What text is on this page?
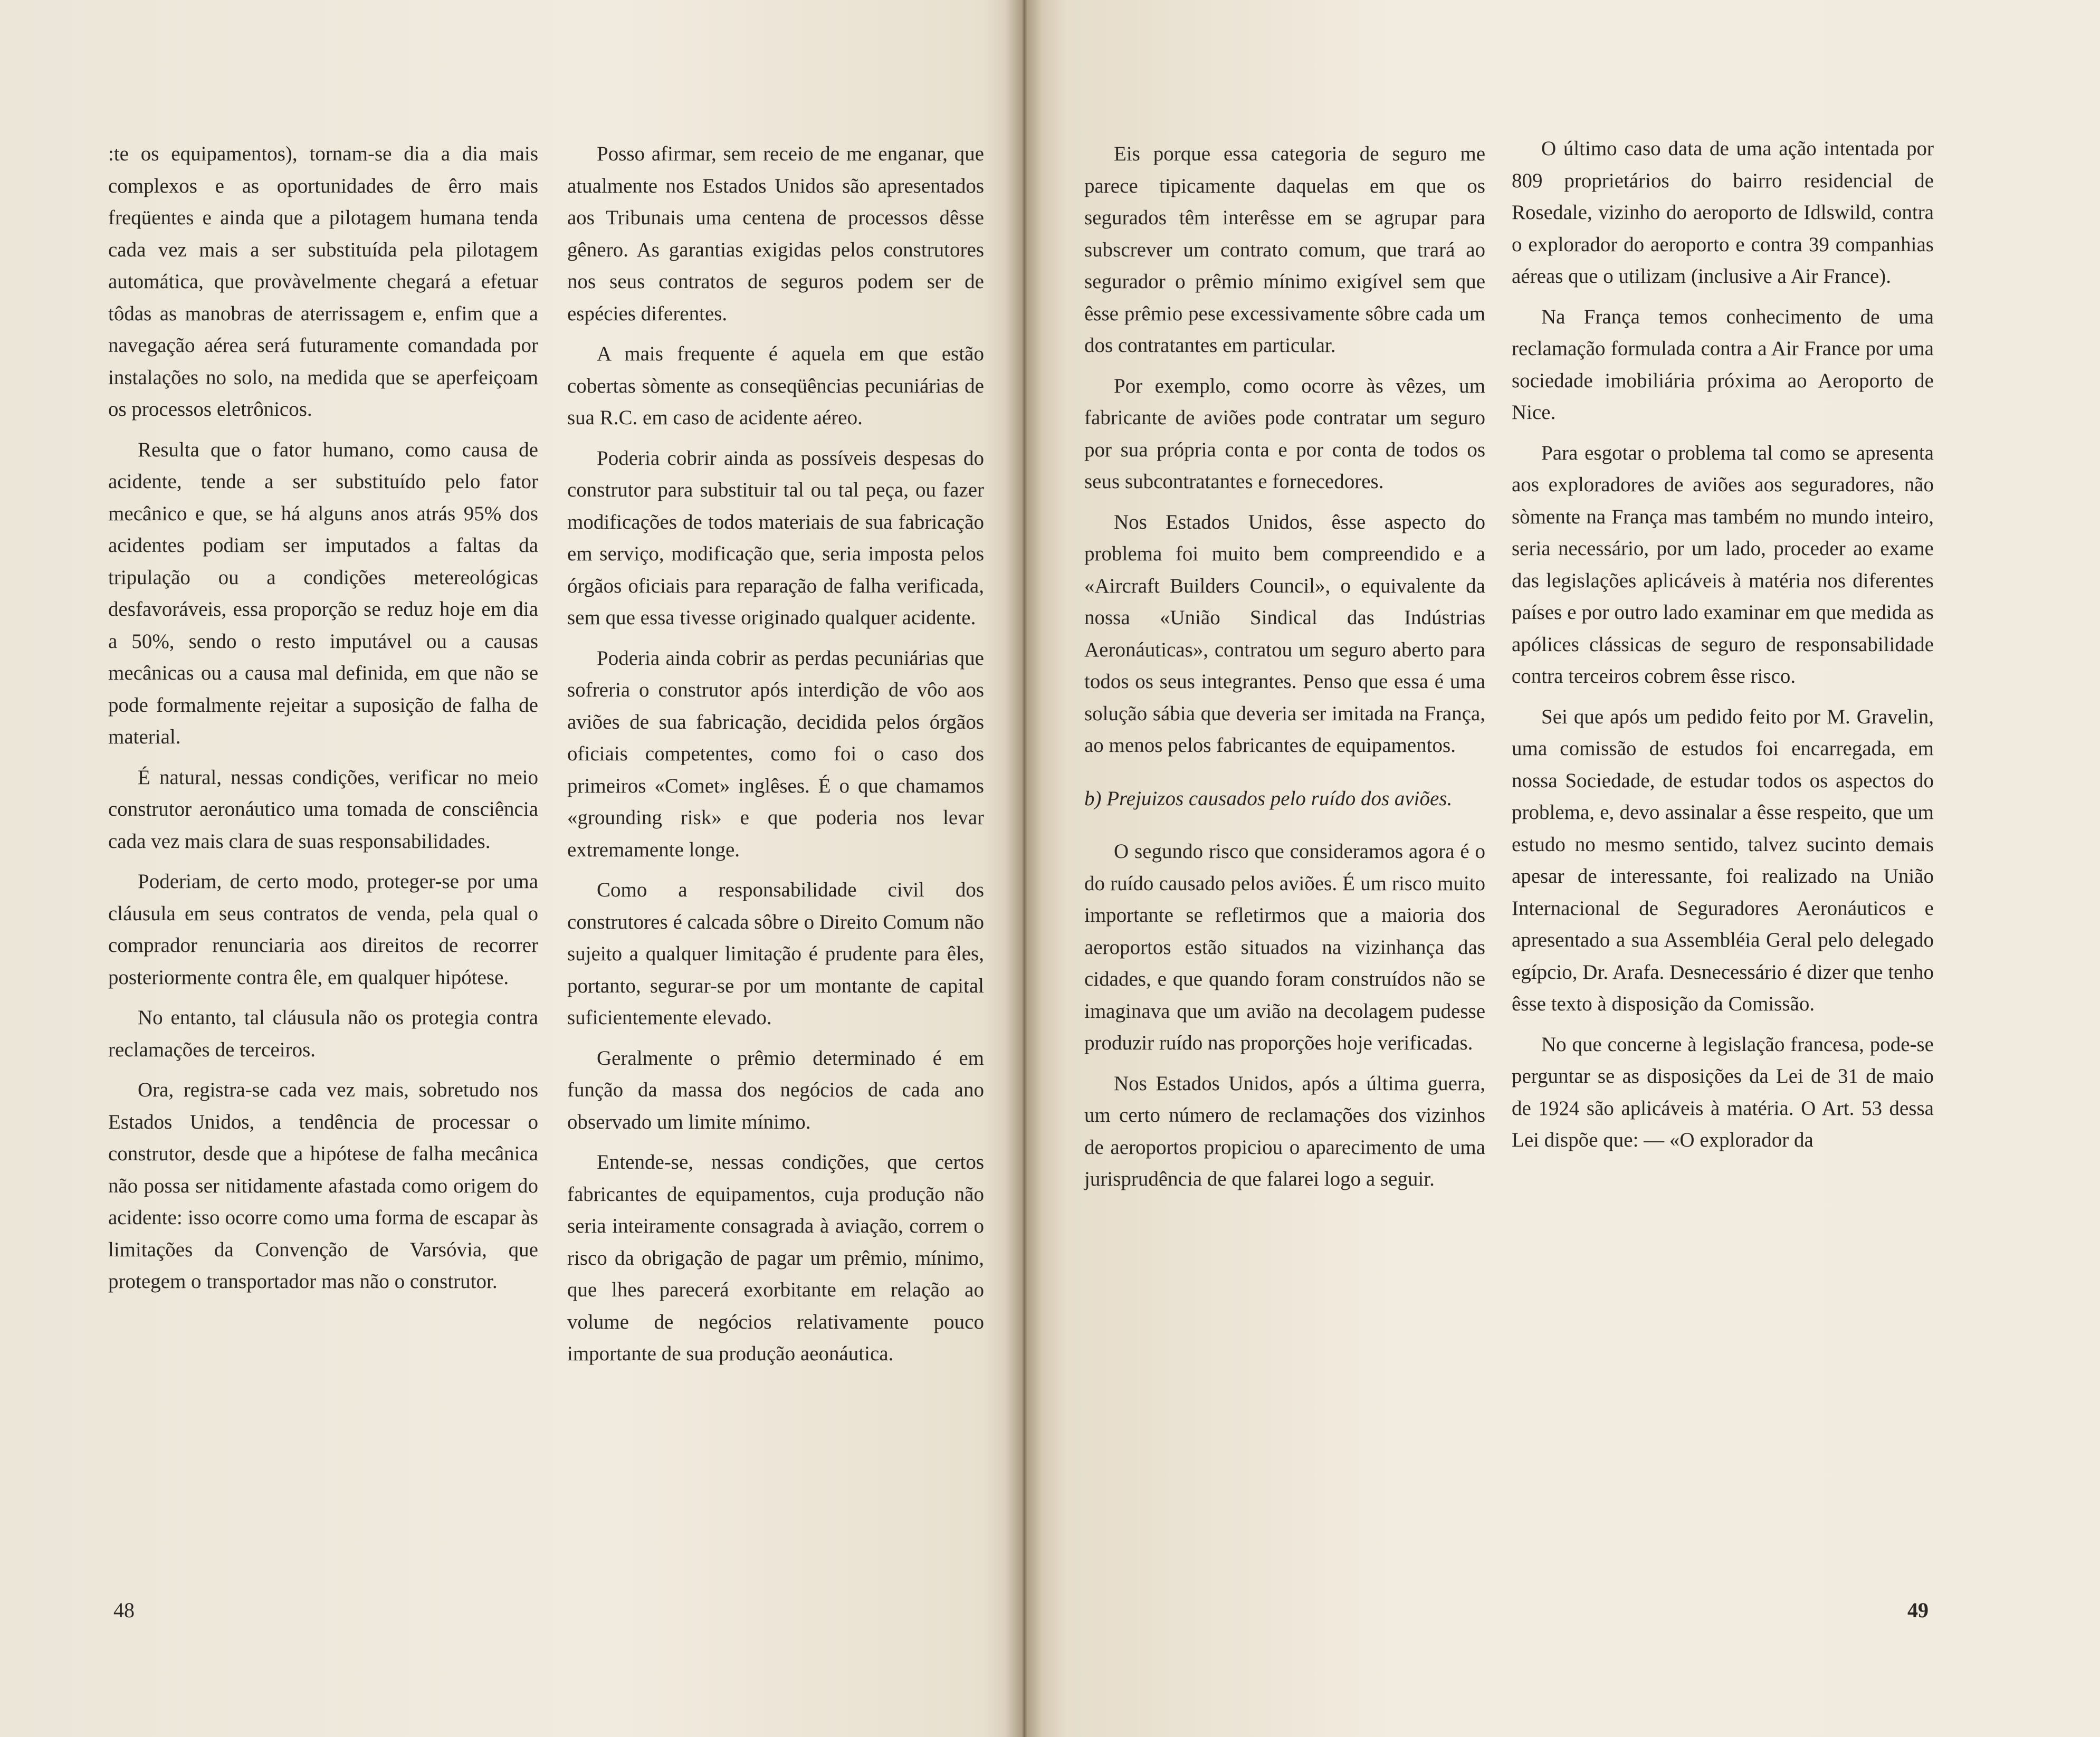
:te os equipamentos), tornam-se dia a dia mais complexos e as oportunidades de êrro mais freqüentes e ainda que a pilotagem humana tenda cada vez mais a ser substituída pela pilotagem automática, que provàvelmente chegará a efetuar tôdas as manobras de aterrissagem e, enfim que a navegação aérea será futuramente comandada por instalações no solo, na medida que se aperfeiçoam os processos eletrônicos.

Resulta que o fator humano, como causa de acidente, tende a ser substituído pelo fator mecânico e que, se há alguns anos atrás 95% dos acidentes podiam ser imputados a faltas da tripulação ou a condições metereológicas desfavoráveis, essa proporção se reduz hoje em dia a 50%, sendo o resto imputável ou a causas mecânicas ou a causa mal definida, em que não se pode formalmente rejeitar a suposição de falha de material.

É natural, nessas condições, verificar no meio construtor aeronáutico uma tomada de consciência cada vez mais clara de suas responsabilidades.

Poderiam, de certo modo, proteger-se por uma cláusula em seus contratos de venda, pela qual o comprador renunciaria aos direitos de recorrer posteriormente contra êle, em qualquer hipótese.

No entanto, tal cláusula não os protegia contra reclamações de terceiros.

Ora, registra-se cada vez mais, sobretudo nos Estados Unidos, a tendência de processar o construtor, desde que a hipótese de falha mecânica não possa ser nitidamente afastada como origem do acidente: isso ocorre como uma forma de escapar às limitações da Convenção de Varsóvia, que protegem o transportador mas não o construtor.

Posso afirmar, sem receio de me enganar, que atualmente nos Estados Unidos são apresentados aos Tribunais uma centena de processos dêsse gênero. As garantias exigidas pelos construtores nos seus contratos de seguros podem ser de espécies diferentes.

A mais frequente é aquela em que estão cobertas sòmente as conseqüências pecuniárias de sua R.C. em caso de acidente aéreo.

Poderia cobrir ainda as possíveis despesas do construtor para substituir tal ou tal peça, ou fazer modificações de todos materiais de sua fabricação em serviço, modificação que, seria imposta pelos órgãos oficiais para reparação de falha verificada, sem que essa tivesse originado qualquer acidente.

Poderia ainda cobrir as perdas pecuniárias que sofreria o construtor após interdição de vôo aos aviões de sua fabricação, decidida pelos órgãos oficiais competentes, como foi o caso dos primeiros «Comet» inglêses. É o que chamamos «grounding risk» e que poderia nos levar extremamente longe.

Como a responsabilidade civil dos construtores é calcada sôbre o Direito Comum não sujeito a qualquer limitação é prudente para êles, portanto, segurar-se por um montante de capital suficientemente elevado.

Geralmente o prêmio determinado é em função da massa dos negócios de cada ano observado um limite mínimo.

Entende-se, nessas condições, que certos fabricantes de equipamentos, cuja produção não seria inteiramente consagrada à aviação, correm o risco da obrigação de pagar um prêmio, mínimo, que lhes parecerá exorbitante em relação ao volume de negócios relativamente pouco importante de sua produção aeonáutica.

Eis porque essa categoria de seguro me parece tipicamente daquelas em que os segurados têm interêsse em se agrupar para subscrever um contrato comum, que trará ao segurador o prêmio mínimo exigível sem que êsse prêmio pese excessivamente sôbre cada um dos contratantes em particular.

Por exemplo, como ocorre às vêzes, um fabricante de aviões pode contratar um seguro por sua própria conta e por conta de todos os seus subcontratantes e fornecedores.

Nos Estados Unidos, êsse aspecto do problema foi muito bem compreendido e a «Aircraft Builders Council», o equivalente da nossa «União Sindical das Indústrias Aeronáuticas», contratou um seguro aberto para todos os seus integrantes. Penso que essa é uma solução sábia que deveria ser imitada na França, ao menos pelos fabricantes de equipamentos.

b) Prejuizos causados pelo ruído dos aviões.

O segundo risco que consideramos agora é o do ruído causado pelos aviões. É um risco muito importante se refletirmos que a maioria dos aeroportos estão situados na vizinhança das cidades, e que quando foram construídos não se imaginava que um avião na decolagem pudesse produzir ruído nas proporções hoje verificadas.

Nos Estados Unidos, após a última guerra, um certo número de reclamações dos vizinhos de aeroportos propiciou o aparecimento de uma jurisprudência de que falarei logo a seguir.

O último caso data de uma ação intentada por 809 proprietários do bairro residencial de Rosedale, vizinho do aeroporto de Idlswild, contra o explorador do aeroporto e contra 39 companhias aéreas que o utilizam (inclusive a Air France).

Na França temos conhecimento de uma reclamação formulada contra a Air France por uma sociedade imobiliária próxima ao Aeroporto de Nice.

Para esgotar o problema tal como se apresenta aos exploradores de aviões aos seguradores, não sòmente na França mas também no mundo inteiro, seria necessário, por um lado, proceder ao exame das legislações aplicáveis à matéria nos diferentes países e por outro lado examinar em que medida as apólices clássicas de seguro de responsabilidade contra terceiros cobrem êsse risco.

Sei que após um pedido feito por M. Gravelin, uma comissão de estudos foi encarregada, em nossa Sociedade, de estudar todos os aspectos do problema, e, devo assinalar a êsse respeito, que um estudo no mesmo sentido, talvez sucinto demais apesar de interessante, foi realizado na União Internacional de Seguradores Aeronáuticos e apresentado a sua Assembléia Geral pelo delegado egípcio, Dr. Arafa. Desnecessário é dizer que tenho êsse texto à disposição da Comissão.

No que concerne à legislação francesa, pode-se perguntar se as disposições da Lei de 31 de maio de 1924 são aplicáveis à matéria. O Art. 53 dessa Lei dispõe que: — «O explorador da

48	49
